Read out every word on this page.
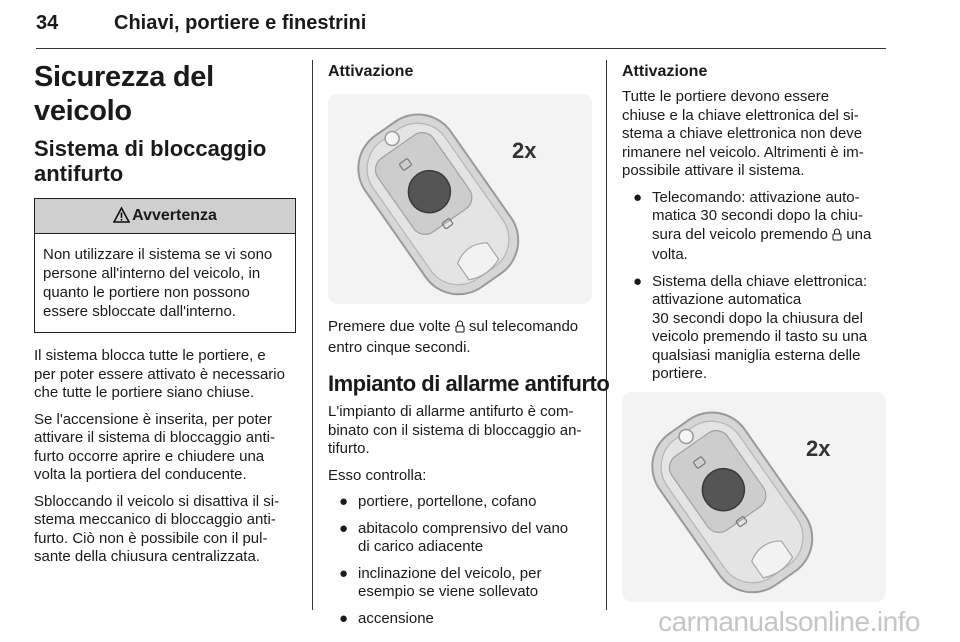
34	Chiavi, portiere e finestrini
Sicurezza del veicolo
Sistema di bloccaggio
antifurto
Avvertenza
Non utilizzare il sistema se vi sono
persone all'interno del veicolo, in
quanto le portiere non possono
essere sbloccate dall'interno.

Il sistema blocca tutte le portiere, e
per poter essere attivato è necessario
che tutte le portiere siano chiuse.

Se l'accensione è inserita, per poter
attivare il sistema di bloccaggio anti-
furto occorre aprire e chiudere una
volta la portiera del conducente.

Sbloccando il veicolo si disattiva il si-
stema meccanico di bloccaggio anti-
furto. Ciò non è possibile con il pul-
sante della chiusura centralizzata.

Attivazione
2x

Premere due volte  sul telecomando
entro cinque secondi.

Impianto di allarme antifurto

L'impianto di allarme antifurto è com-
binato con il sistema di bloccaggio an-
tifurto.

Esso controlla:

● portiere, portellone, cofano
● abitacolo comprensivo del vano
di carico adiacente
● inclinazione del veicolo, per
esempio se viene sollevato
● accensione
Attivazione

Tutte le portiere devono essere
chiuse e la chiave elettronica del si-
stema a chiave elettronica non deve
rimanere nel veicolo. Altrimenti è im-
possibile attivare il sistema.

● Telecomando: attivazione auto-
matica 30 secondi dopo la chiu-
sura del veicolo premendo  una
volta.
● Sistema della chiave elettronica:
attivazione automatica
30 secondi dopo la chiusura del
veicolo premendo il tasto su una
qualsiasi maniglia esterna delle
portiere.
2x
carmanualsonline.info
